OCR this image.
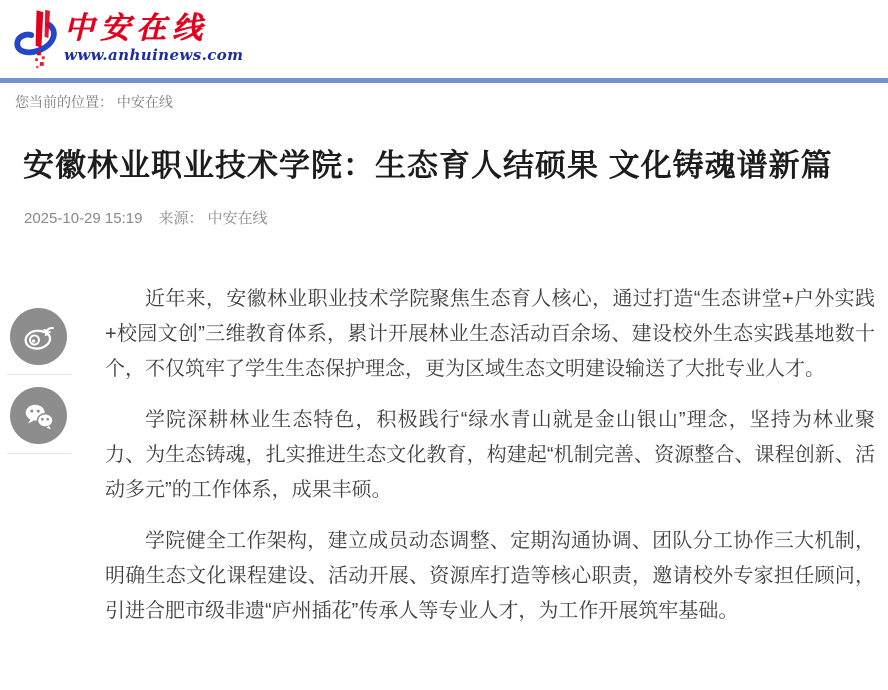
中安在线
www.anhuinews.com
您当前的位置： 中安在线
安徽林业职业技术学院：生态育人结硕果 文化铸魂谱新篇
2025-10-29 15:19 来源： 中安在线

近年来，安徽林业职业技术学院聚焦生态育人核心，通过打造“生态讲堂+户外实践+校园文创”三维教育体系，累计开展林业生态活动百余场、建设校外生态实践基地数十个，不仅筑牢了学生生态保护理念，更为区域生态文明建设输送了大批专业人才。

学院深耕林业生态特色，积极践行“绿水青山就是金山银山”理念，坚持为林业聚力、为生态铸魂，扎实推进生态文化教育，构建起“机制完善、资源整合、课程创新、活动多元”的工作体系，成果丰硕。

学院健全工作架构，建立成员动态调整、定期沟通协调、团队分工协作三大机制，明确生态文化课程建设、活动开展、资源库打造等核心职责，邀请校外专家担任顾问，引进合肥市级非遗“庐州插花”传承人等专业人才，为工作开展筑牢基础。
